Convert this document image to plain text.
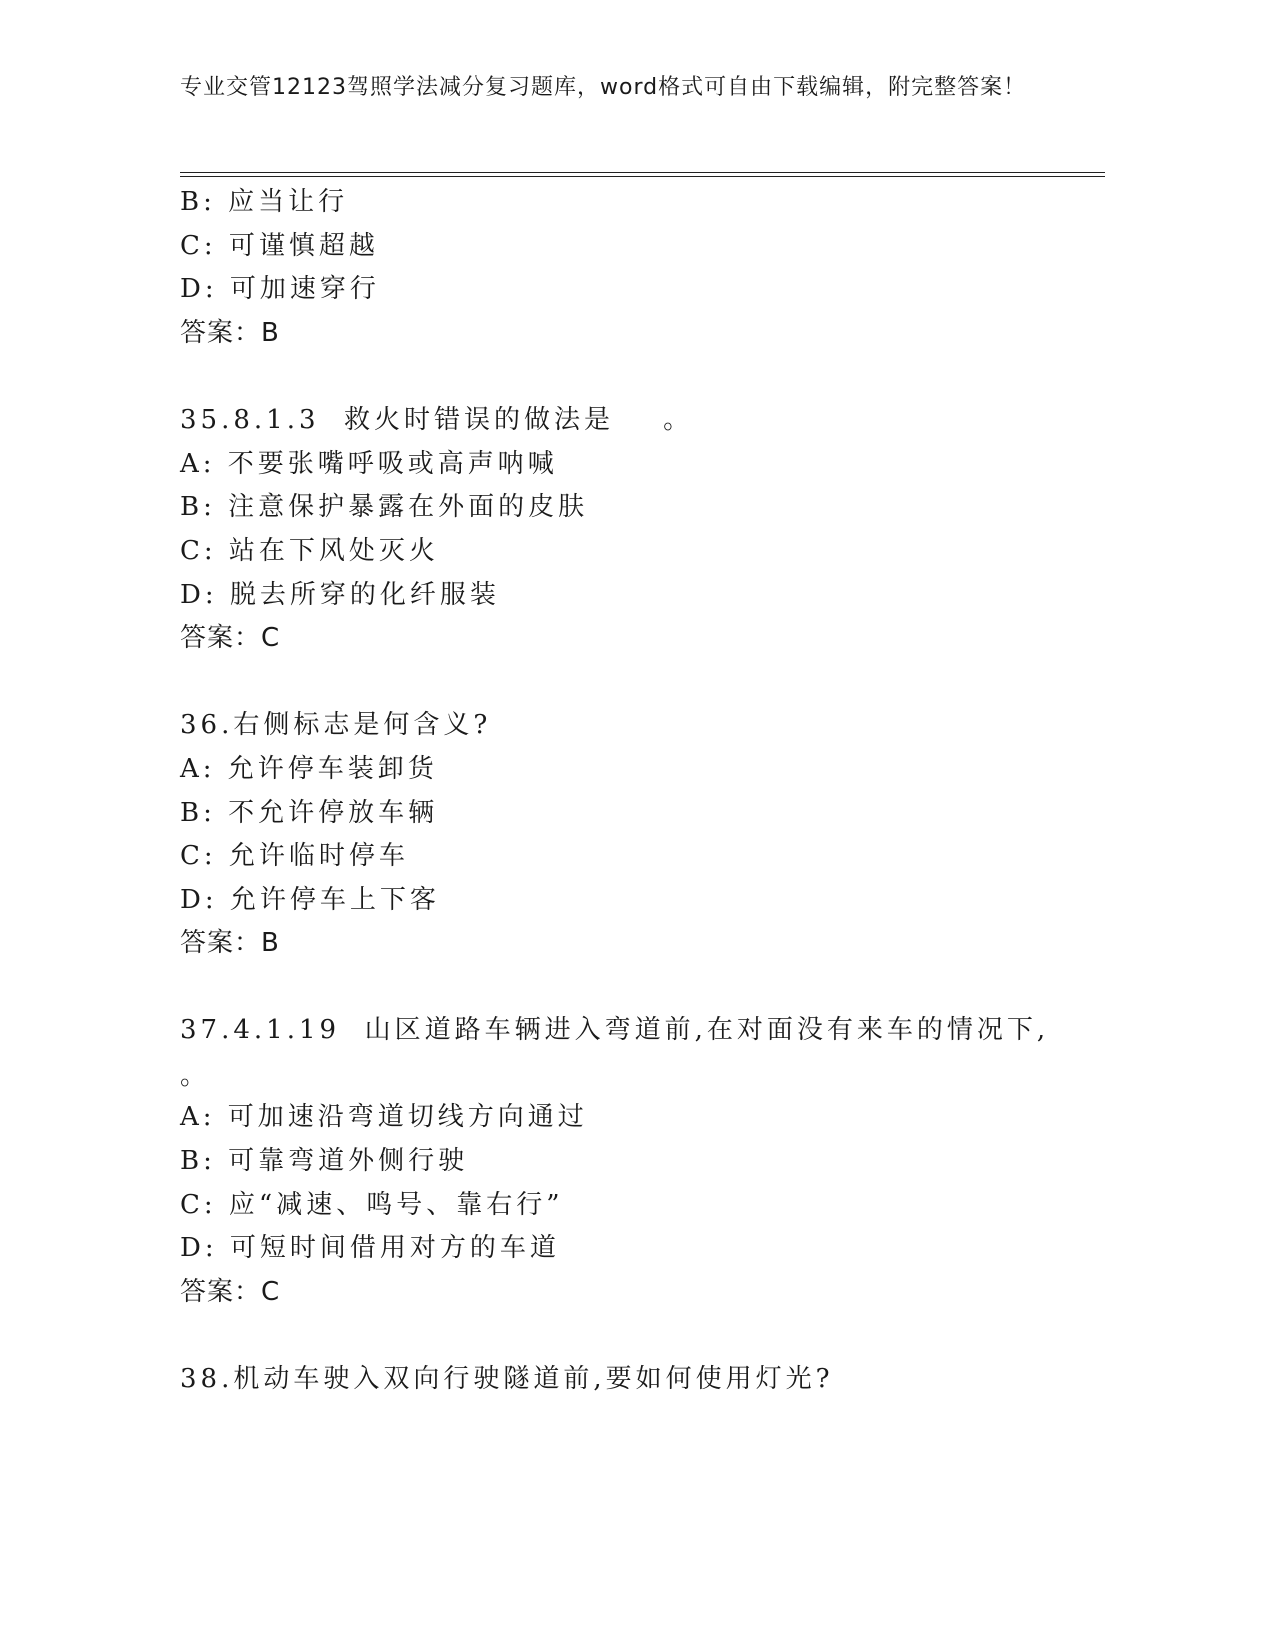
专业交管12123驾照学法减分复习题库，word格式可自由下载编辑，附完整答案！
B: 应当让行
C: 可谨慎超越
D: 可加速穿行
答案：B
35.8.1.3  救火时错误的做法是    。
A: 不要张嘴呼吸或高声呐喊
B: 注意保护暴露在外面的皮肤
C: 站在下风处灭火
D: 脱去所穿的化纤服装
答案：C
36.右侧标志是何含义?
A: 允许停车装卸货
B: 不允许停放车辆
C: 允许临时停车
D: 允许停车上下客
答案：B
37.4.1.19  山区道路车辆进入弯道前,在对面没有来车的情况下,
。
A: 可加速沿弯道切线方向通过
B: 可靠弯道外侧行驶
C: 应“减速、鸣号、靠右行”
D: 可短时间借用对方的车道
答案：C
38.机动车驶入双向行驶隧道前,要如何使用灯光?
